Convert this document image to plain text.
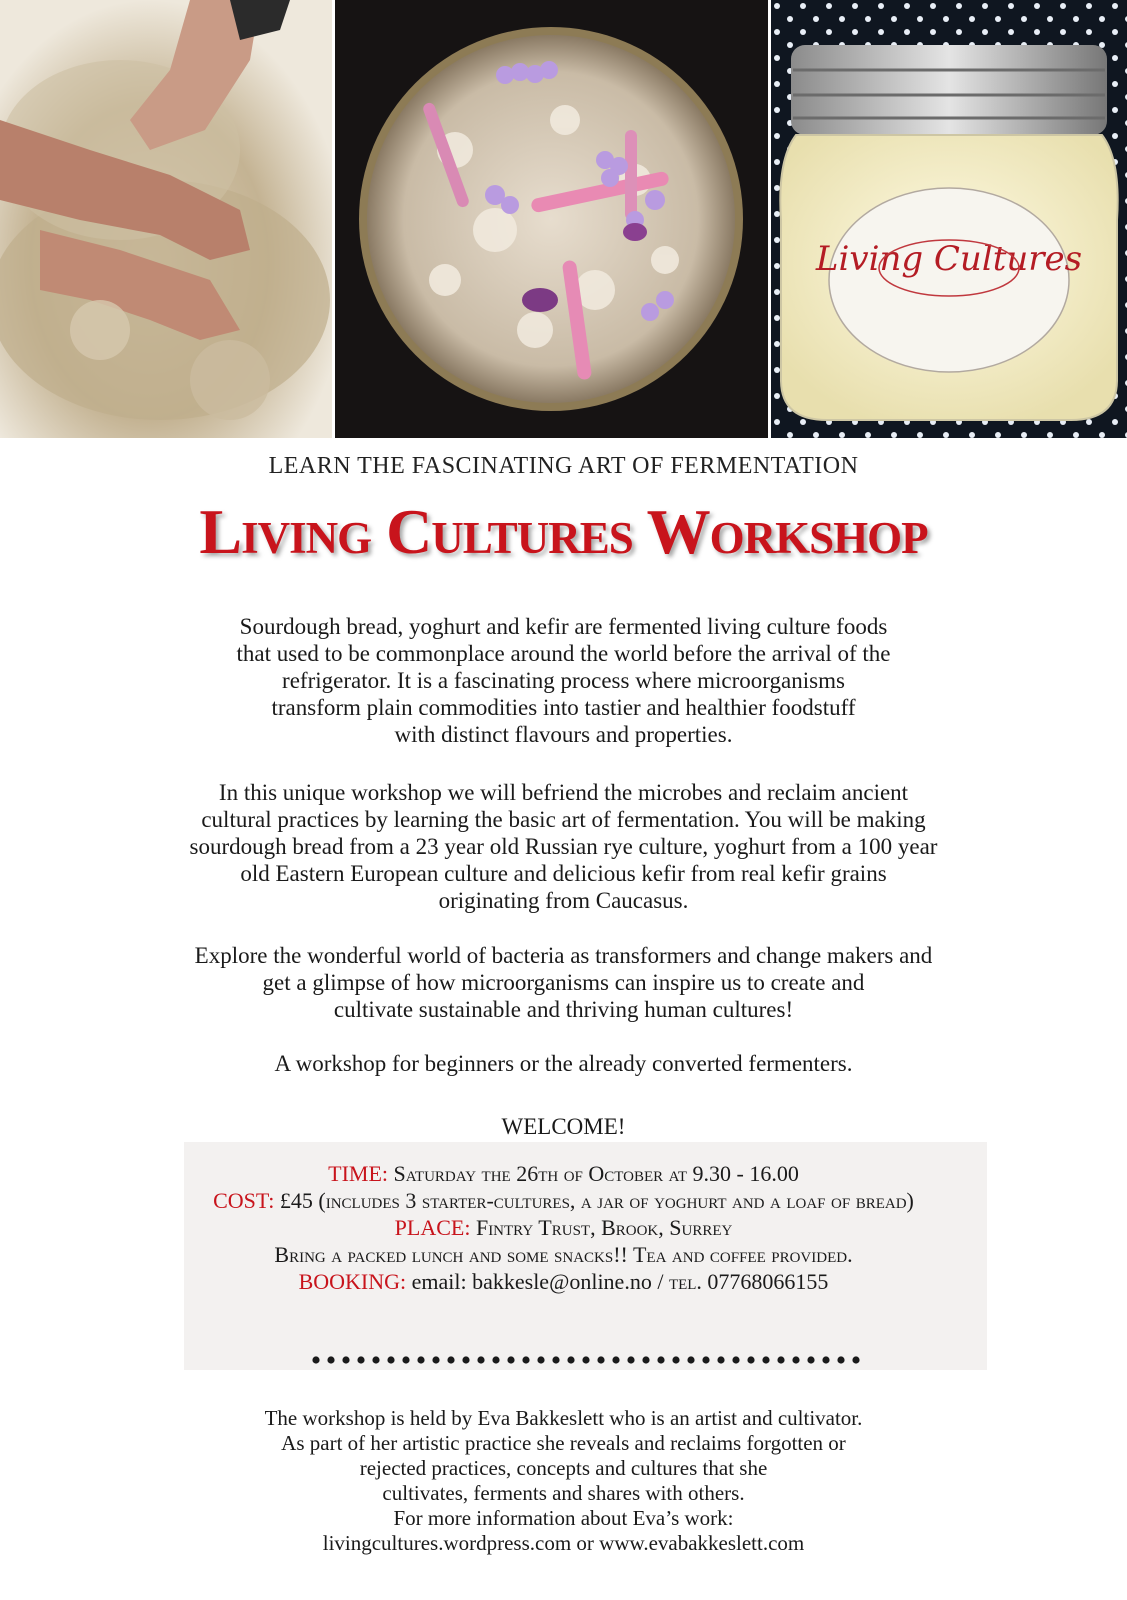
Living Cultures
LEARN THE FASCINATING ART OF FERMENTATION
Living Cultures Workshop
Sourdough bread, yoghurt and kefir are fermented living culture foods
that used to be commonplace around the world before the arrival of the
refrigerator. It is a fascinating process where microorganisms
transform plain commodities into tastier and healthier foodstuff
with distinct flavours and properties.
In this unique workshop we will befriend the microbes and reclaim ancient
cultural practices by learning the basic art of fermentation. You will be making
sourdough bread from a 23 year old Russian rye culture, yoghurt from a 100 year
old Eastern European culture and delicious kefir from real kefir grains
originating from Caucasus.
Explore the wonderful world of bacteria as transformers and change makers and
get a glimpse of how microorganisms can inspire us to create and
cultivate sustainable and thriving human cultures!
A workshop for beginners or the already converted fermenters.
WELCOME!
TIME: Saturday the 26th of October at 9.30 - 16.00
COST: £45 (includes 3 starter-cultures, a jar of yoghurt and a loaf of bread)
PLACE: Fintry Trust, Brook, Surrey
Bring a packed lunch and some snacks!! Tea and coffee provided.
BOOKING: email: bakkesle@online.no / tel. 07768066155
The workshop is held by Eva Bakkeslett who is an artist and cultivator.
As part of her artistic practice she reveals and reclaims forgotten or
rejected practices, concepts and cultures that she
cultivates, ferments and shares with others.
For more information about Eva’s work:
livingcultures.wordpress.com or www.evabakkeslett.com
